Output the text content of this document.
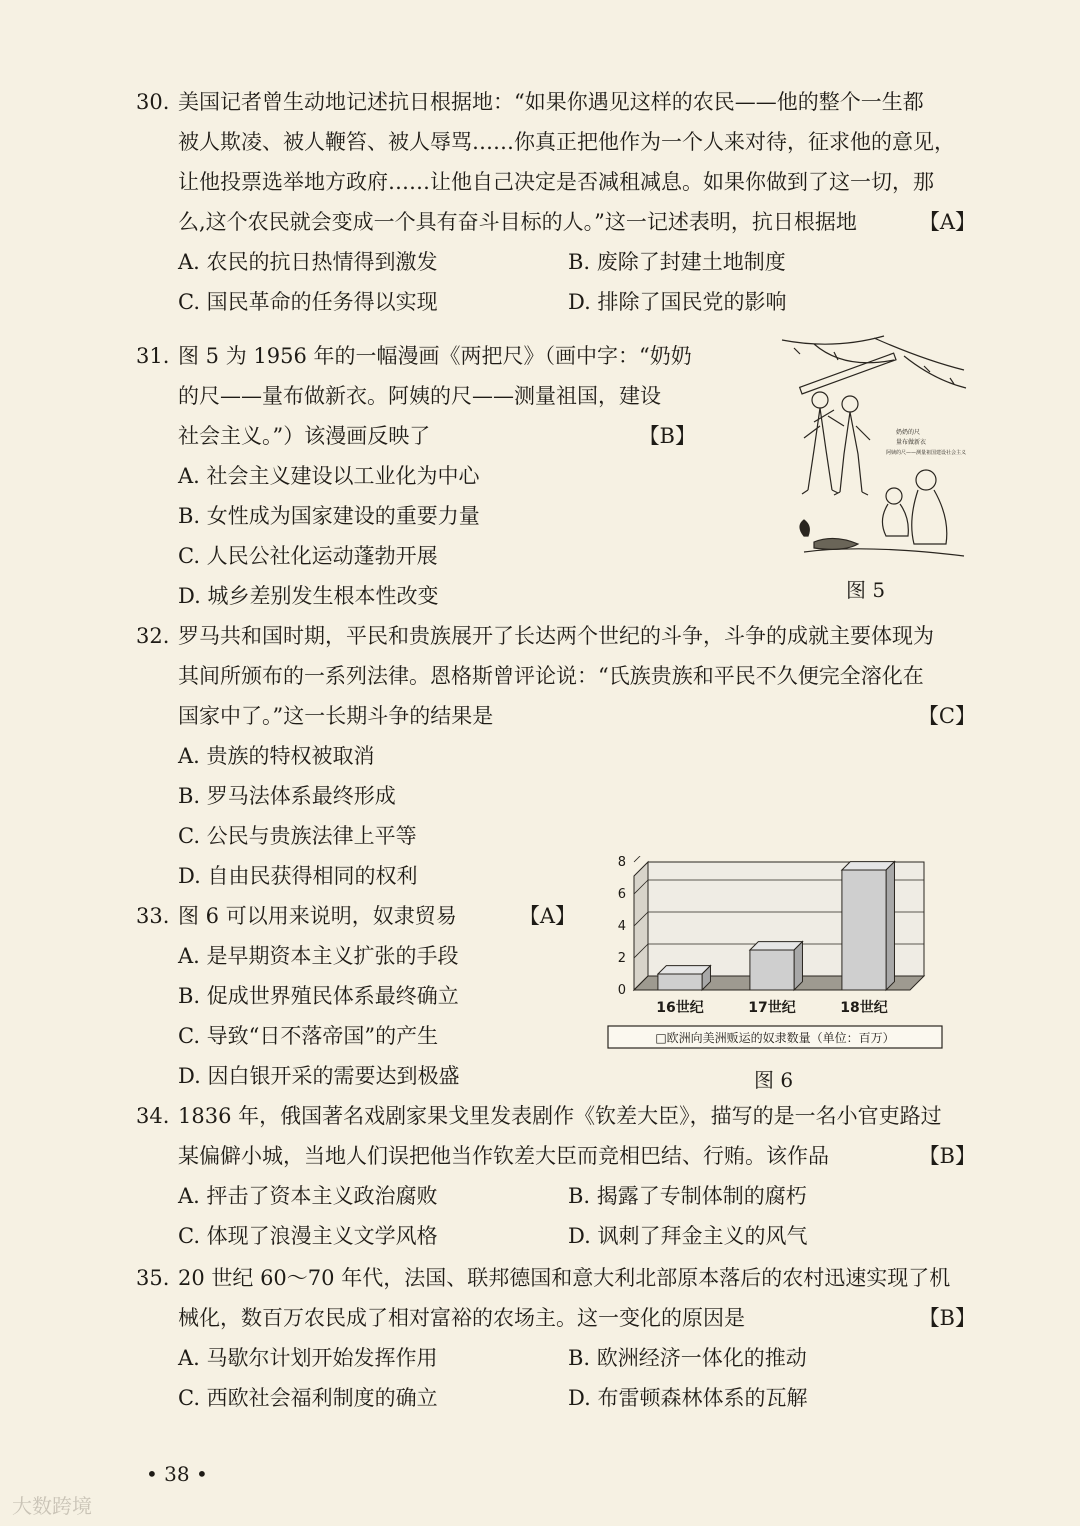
30. 美国记者曾生动地记述抗日根据地：“如果你遇见这样的农民——他的整个一生都
被人欺凌、被人鞭笞、被人辱骂……你真正把他作为一个人来对待，征求他的意见，
让他投票选举地方政府……让他自己决定是否减租减息。如果你做到了这一切，那
么,这个农民就会变成一个具有奋斗目标的人。”这一记述表明，抗日根据地	【A】
A. 农民的抗日热情得到激发	B. 废除了封建土地制度
C. 国民革命的任务得以实现	D. 排除了国民党的影响
31. 图 5 为 1956 年的一幅漫画《两把尺》（画中字：“奶奶
的尺——量布做新衣。阿姨的尺——测量祖国，建设
社会主义。”）该漫画反映了	【B】
A. 社会主义建设以工业化为中心
B. 女性成为国家建设的重要力量
C. 人民公社化运动蓬勃开展
D. 城乡差别发生根本性改变
奶奶的尺
量布做新衣
阿姨的尺——测量祖国建设社会主义
图 5
32. 罗马共和国时期，平民和贵族展开了长达两个世纪的斗争，斗争的成就主要体现为
其间所颁布的一系列法律。恩格斯曾评论说：“氏族贵族和平民不久便完全溶化在
国家中了。”这一长期斗争的结果是	【C】
A. 贵族的特权被取消
B. 罗马法体系最终形成
C. 公民与贵族法律上平等
D. 自由民获得相同的权利
33. 图 6 可以用来说明，奴隶贸易	【A】
A. 是早期资本主义扩张的手段
B. 促成世界殖民体系最终确立
C. 导致“日不落帝国”的产生
D. 因白银开采的需要达到极盛
0
2
4
6
8
16世纪	17世纪	18世纪
□欧洲向美洲贩运的奴隶数量（单位：百万）
图 6
34. 1836 年，俄国著名戏剧家果戈里发表剧作《钦差大臣》，描写的是一名小官吏路过
某偏僻小城，当地人们误把他当作钦差大臣而竞相巴结、行贿。该作品	【B】
A. 抨击了资本主义政治腐败	B. 揭露了专制体制的腐朽
C. 体现了浪漫主义文学风格	D. 讽刺了拜金主义的风气
35. 20 世纪 60～70 年代，法国、联邦德国和意大利北部原本落后的农村迅速实现了机
械化，数百万农民成了相对富裕的农场主。这一变化的原因是	【B】
A. 马歇尔计划开始发挥作用	B. 欧洲经济一体化的推动
C. 西欧社会福利制度的确立	D. 布雷顿森林体系的瓦解
• 38 •
大数跨境
